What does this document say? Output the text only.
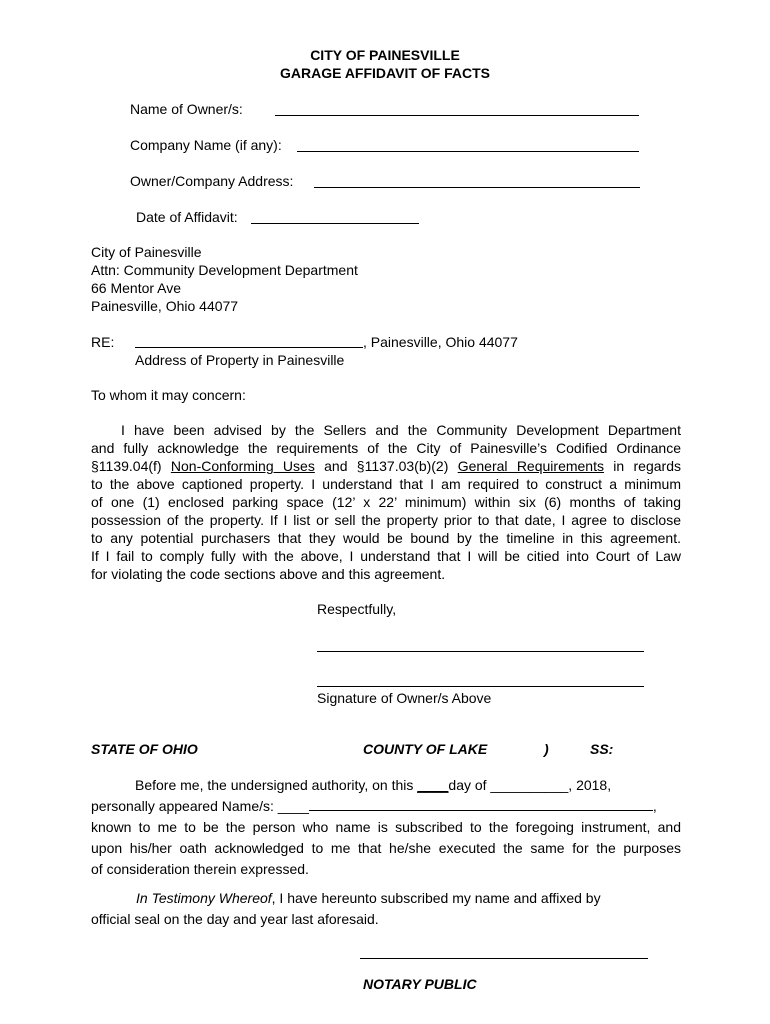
CITY OF PAINESVILLE
GARAGE AFFIDAVIT OF FACTS
Name of Owner/s:
Company Name (if any):
Owner/Company Address:
Date of Affidavit:
City of Painesville
Attn: Community Development Department
66 Mentor Ave
Painesville, Ohio 44077
RE:	, Painesville, Ohio 44077
Address of Property in Painesville
To whom it may concern:
I have been advised by the Sellers and the Community Development Department
and fully acknowledge the requirements of the City of Painesville’s Codified Ordinance
§1139.04(f) Non-Conforming Uses and §1137.03(b)(2) General Requirements in regards
to the above captioned property. I understand that I am required to construct a minimum
of one (1) enclosed parking space (12’ x 22’ minimum) within six (6) months of taking
possession of the property. If I list or sell the property prior to that date, I agree to disclose
to any potential purchasers that they would be bound by the timeline in this agreement.
If I fail to comply fully with the above, I understand that I will be citied into Court of Law
for violating the code sections above and this agreement.
Respectfully,
Signature of Owner/s Above
STATE OF OHIO	COUNTY OF LAKE	)	SS:
Before me, the undersigned authority, on this ____day of __________, 2018,
personally appeared Name/s: ____	,
known to me to be the person who name is subscribed to the foregoing instrument, and
upon his/her oath acknowledged to me that he/she executed the same for the purposes
of consideration therein expressed.
In Testimony Whereof, I have hereunto subscribed my name and affixed by
official seal on the day and year last aforesaid.
NOTARY PUBLIC
